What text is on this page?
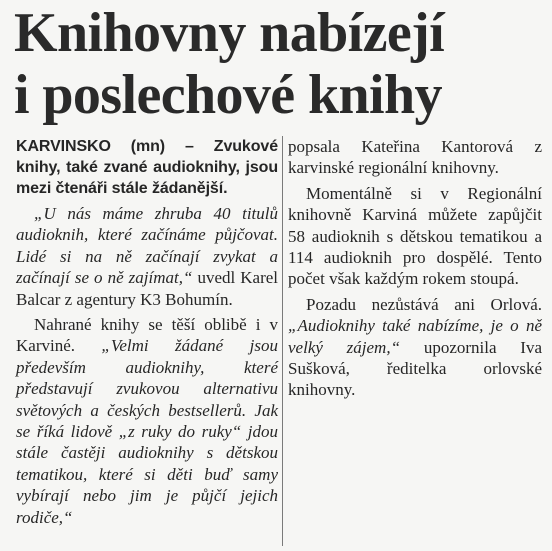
Knihovny nabízejí
i poslechové knihy

KARVINSKO (mn) – Zvukové knihy, také zvané audioknihy, jsou mezi čtenáři stále žádanější.

„U nás máme zhruba 40 titulů audioknih, které začínáme půjčovat. Lidé si na ně začínají zvykat a začínají se o ně zajímat,“ uvedl Karel Balcar z agentury K3 Bohumín.

Nahrané knihy se těší oblibě i v Karviné. „Velmi žádané jsou především audioknihy, které představují zvukovou alternativu světových a českých bestsellerů. Jak se říká lidově „z ruky do ruky“ jdou stále častěji audioknihy s dětskou tematikou, které si děti buď samy vybírají nebo jim je půjčí jejich rodiče,“

popsala Kateřina Kantorová z karvinské regionální knihovny.

Momentálně si v Regionální knihovně Karviná můžete zapůjčit 58 audioknih s dětskou tematikou a 114 audioknih pro dospělé. Tento počet však každým rokem stoupá.

Pozadu nezůstává ani Orlová. „Audioknihy také nabízíme, je o ně velký zájem,“ upozornila Iva Sušková, ředitelka orlovské knihovny.
